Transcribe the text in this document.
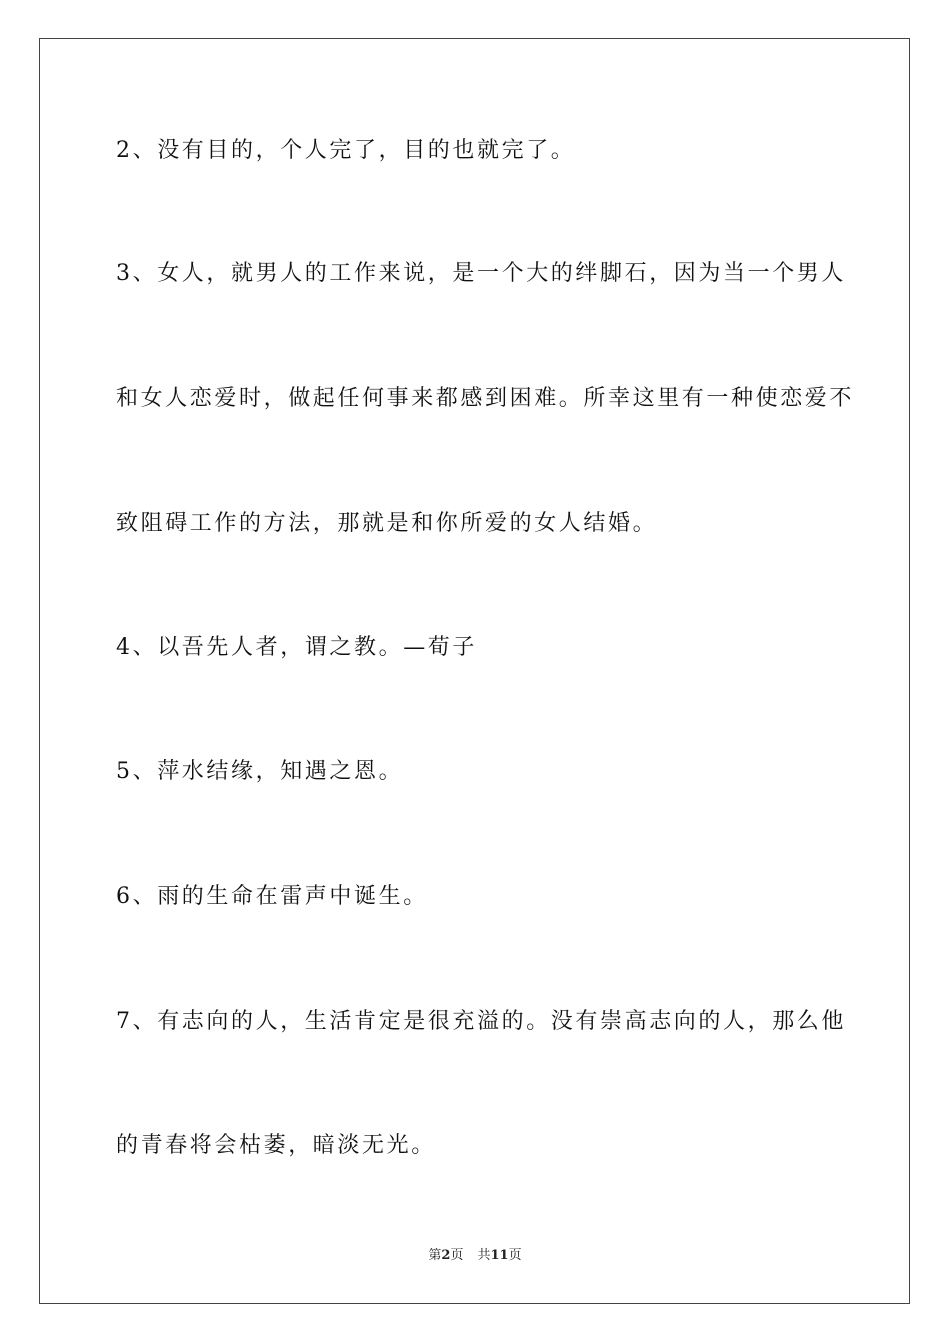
2、没有目的，个人完了，目的也就完了。
3、女人，就男人的工作来说，是一个大的绊脚石，因为当一个男人
和女人恋爱时，做起任何事来都感到困难。所幸这里有一种使恋爱不
致阻碍工作的方法，那就是和你所爱的女人结婚。
4、以吾先人者，谓之教。—荀子
5、萍水结缘，知遇之恩。
6、雨的生命在雷声中诞生。
7、有志向的人，生活肯定是很充溢的。没有崇高志向的人，那么他
的青春将会枯萎，暗淡无光。
第2页 共11页
